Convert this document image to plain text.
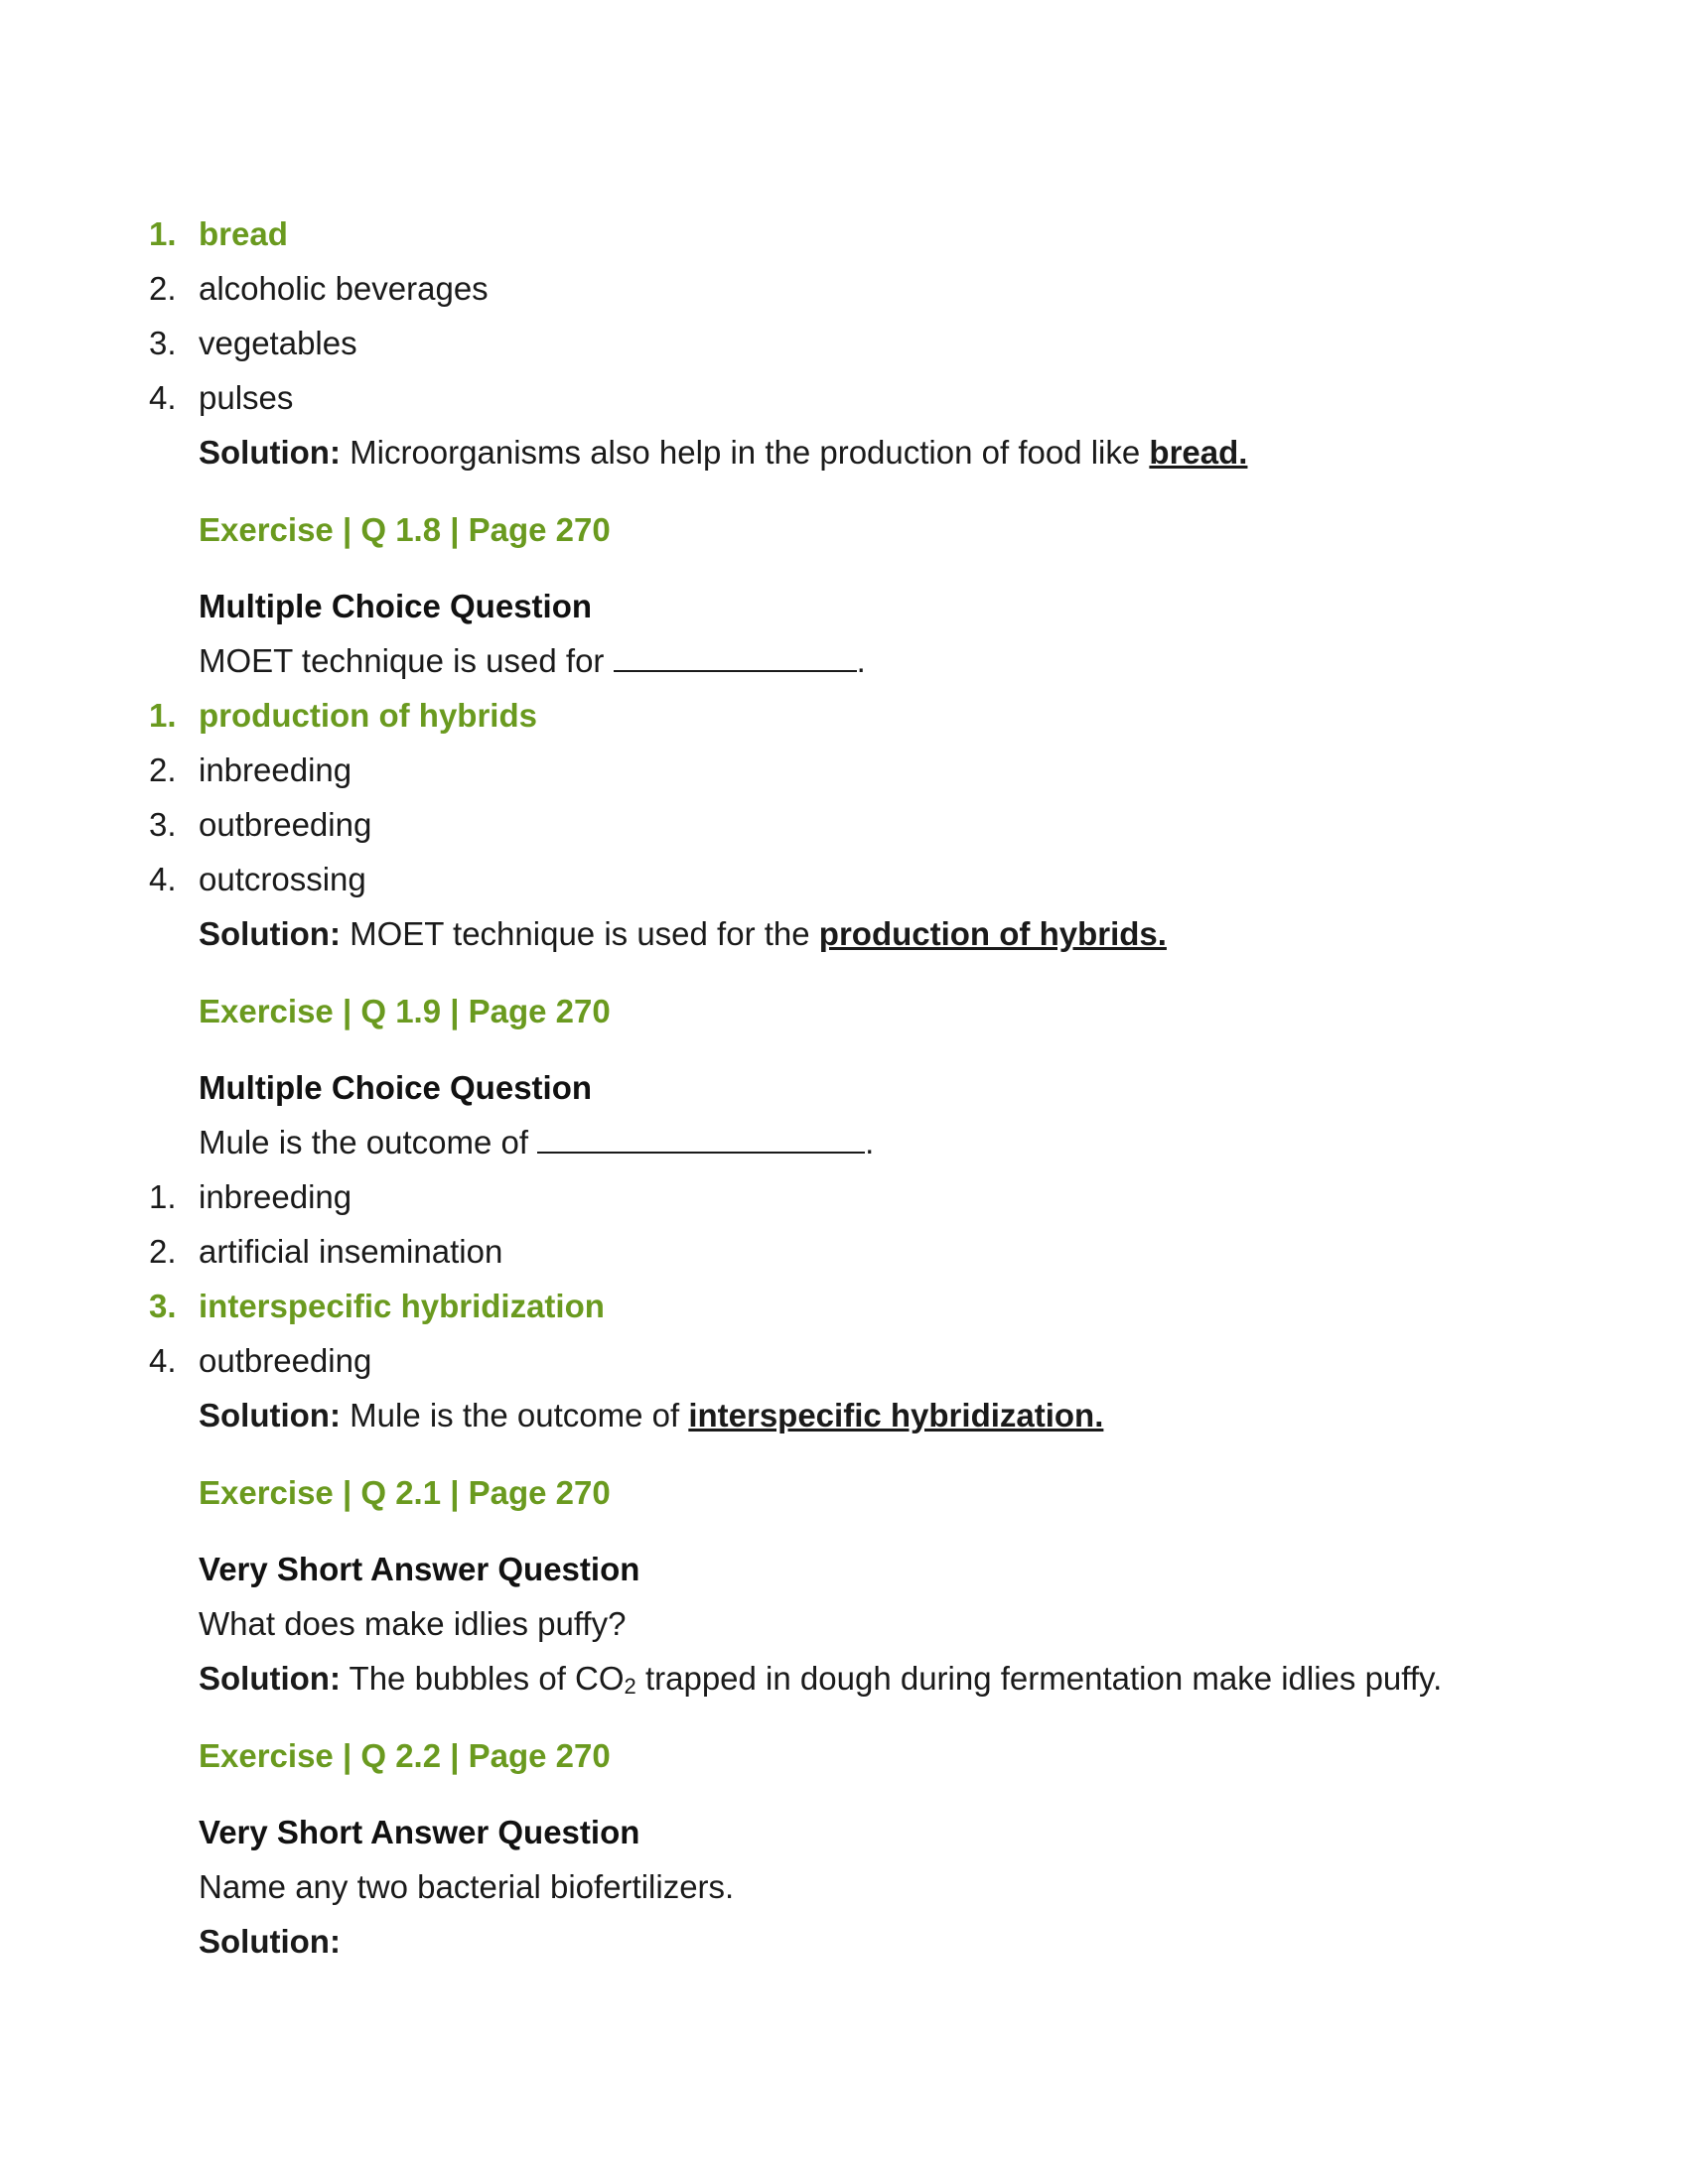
1. bread
2. alcoholic beverages
3. vegetables
4. pulses
Solution: Microorganisms also help in the production of food like bread.
Exercise | Q 1.8 | Page 270
Multiple Choice Question
MOET technique is used for	.
1. production of hybrids
2. inbreeding
3. outbreeding
4. outcrossing
Solution: MOET technique is used for the production of hybrids.
Exercise | Q 1.9 | Page 270
Multiple Choice Question
Mule is the outcome of	.
1. inbreeding
2. artificial insemination
3. interspecific hybridization
4. outbreeding
Solution: Mule is the outcome of interspecific hybridization.
Exercise | Q 2.1 | Page 270
Very Short Answer Question
What does make idlies puffy?
Solution: The bubbles of $CO_2$ trapped in dough during fermentation make idlies puffy.
Exercise | Q 2.2 | Page 270
Very Short Answer Question
Name any two bacterial biofertilizers.
Solution:
